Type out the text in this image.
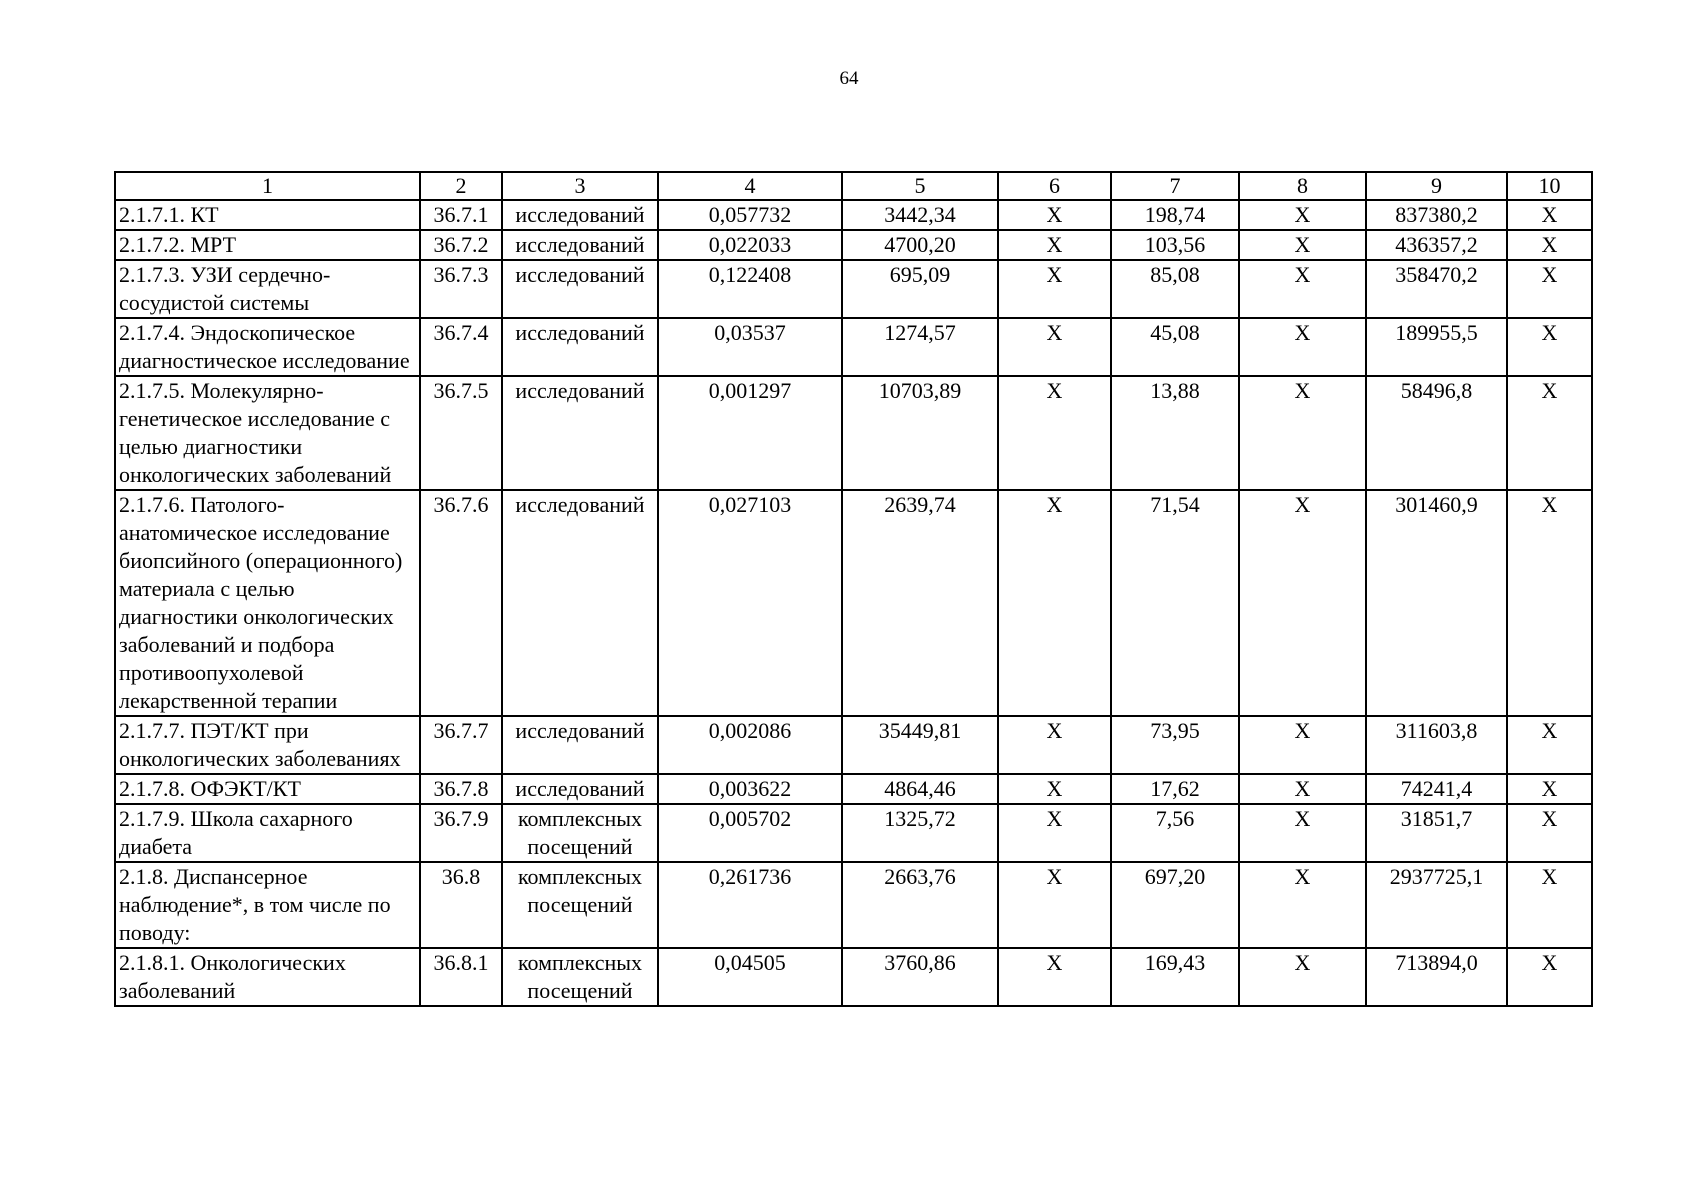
64
1	2	3	4	5	6	7	8	9	10
2.1.7.1. КТ	36.7.1	исследований	0,057732	3442,34	Х	198,74	Х	837380,2	Х
2.1.7.2. МРТ	36.7.2	исследований	0,022033	4700,20	Х	103,56	Х	436357,2	Х
2.1.7.3. УЗИ сердечно-сосудистой системы	36.7.3	исследований	0,122408	695,09	Х	85,08	Х	358470,2	Х
2.1.7.4. Эндоскопическое диагностическое исследование	36.7.4	исследований	0,03537	1274,57	Х	45,08	Х	189955,5	Х
2.1.7.5. Молекулярно-генетическое исследование с целью диагностики онкологических заболеваний	36.7.5	исследований	0,001297	10703,89	Х	13,88	Х	58496,8	Х
2.1.7.6. Патолого-анатомическое исследование биопсийного (операционного) материала с целью диагностики онкологических заболеваний и подбора противоопухолевой лекарственной терапии	36.7.6	исследований	0,027103	2639,74	Х	71,54	Х	301460,9	Х
2.1.7.7. ПЭТ/КТ при онкологических заболеваниях	36.7.7	исследований	0,002086	35449,81	Х	73,95	Х	311603,8	Х
2.1.7.8. ОФЭКТ/КТ	36.7.8	исследований	0,003622	4864,46	Х	17,62	Х	74241,4	Х
2.1.7.9. Школа сахарного диабета	36.7.9	комплексных посещений	0,005702	1325,72	Х	7,56	Х	31851,7	Х
2.1.8. Диспансерное наблюдение*, в том числе по поводу:	36.8	комплексных посещений	0,261736	2663,76	Х	697,20	Х	2937725,1	Х
2.1.8.1. Онкологических заболеваний	36.8.1	комплексных посещений	0,04505	3760,86	Х	169,43	Х	713894,0	Х
